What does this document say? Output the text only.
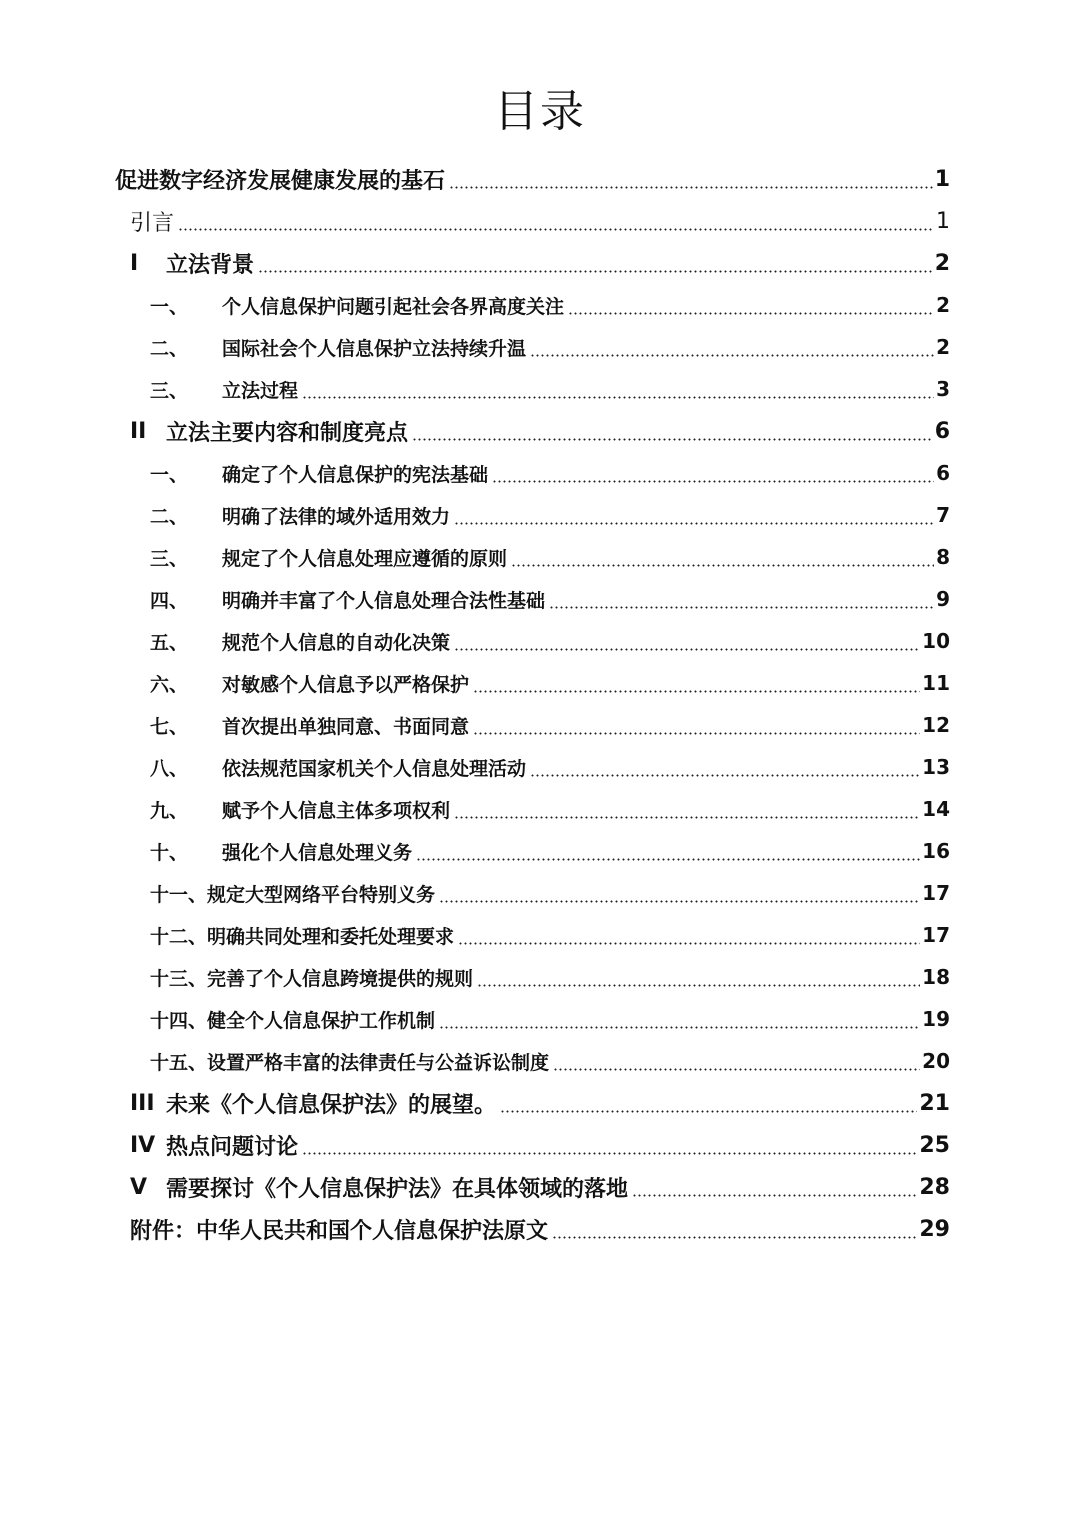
目录
促进数字经济发展健康发展的基石	1
引言	1
I	立法背景	2
一、	个人信息保护问题引起社会各界高度关注	2
二、	国际社会个人信息保护立法持续升温	2
三、	立法过程	3
II 立法主要内容和制度亮点	6
一、	确定了个人信息保护的宪法基础	6
二、	明确了法律的域外适用效力	7
三、	规定了个人信息处理应遵循的原则	8
四、	明确并丰富了个人信息处理合法性基础	9
五、	规范个人信息的自动化决策	10
六、	对敏感个人信息予以严格保护	11
七、	首次提出单独同意、书面同意	12
八、	依法规范国家机关个人信息处理活动	13
九、	赋予个人信息主体多项权利	14
十、	强化个人信息处理义务	16
十一、 规定大型网络平台特别义务	17
十二、 明确共同处理和委托处理要求	17
十三、 完善了个人信息跨境提供的规则	18
十四、 健全个人信息保护工作机制	19
十五、 设置严格丰富的法律责任与公益诉讼制度	20
III 未来《个人信息保护法》的展望。	21
IV 热点问题讨论	25
V 需要探讨《个人信息保护法》在具体领域的落地	28
附件：中华人民共和国个人信息保护法原文	29
